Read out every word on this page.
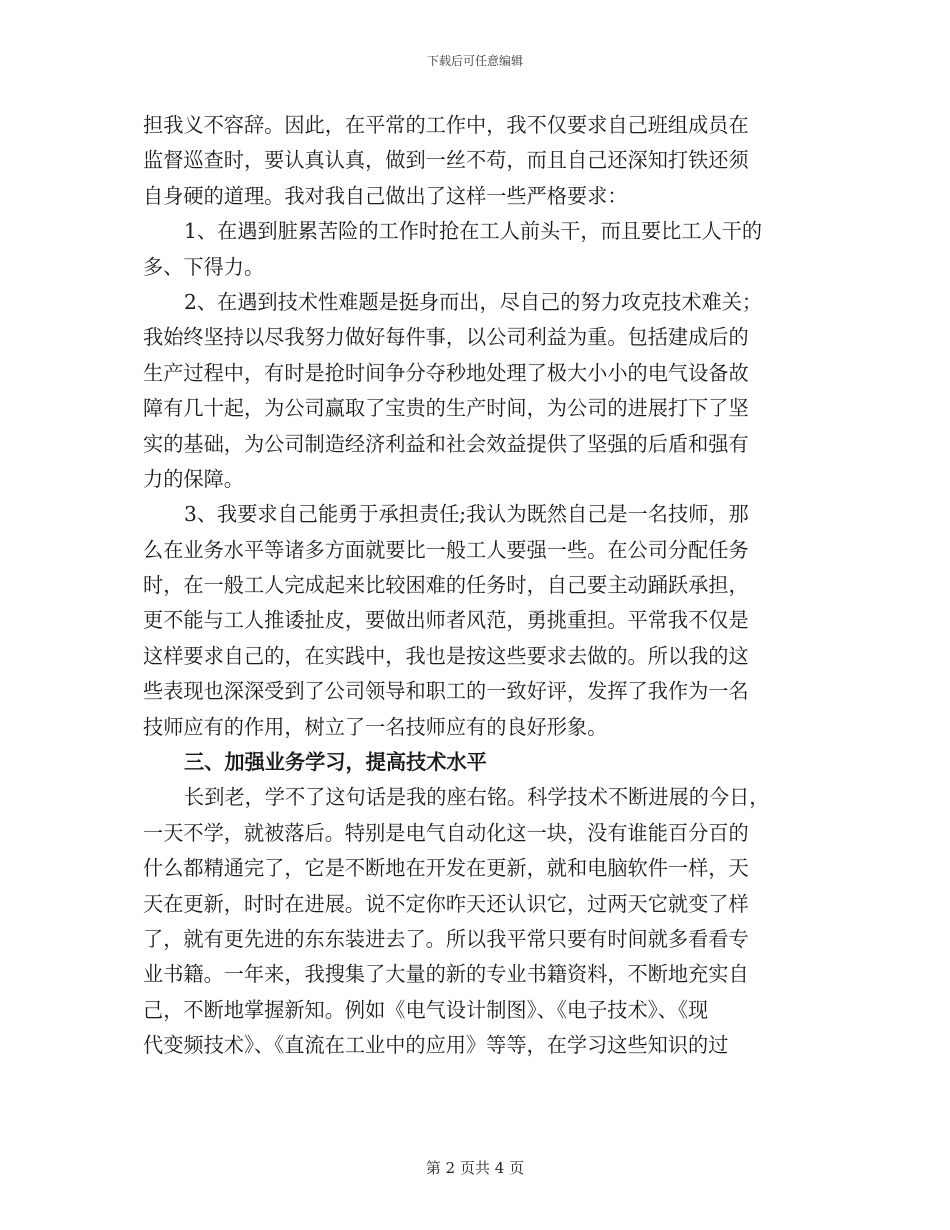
下载后可任意编辑
担我义不容辞。因此，在平常的工作中，我不仅要求自己班组成员在
监督巡查时，要认真认真，做到一丝不苟，而且自己还深知打铁还须
自身硬的道理。我对我自己做出了这样一些严格要求：
1、在遇到脏累苦险的工作时抢在工人前头干，而且要比工人干的
多、下得力。
2、在遇到技术性难题是挺身而出，尽自己的努力攻克技术难关；
我始终坚持以尽我努力做好每件事，以公司利益为重。包括建成后的
生产过程中，有时是抢时间争分夺秒地处理了极大小小的电气设备故
障有几十起，为公司赢取了宝贵的生产时间，为公司的进展打下了坚
实的基础，为公司制造经济利益和社会效益提供了坚强的后盾和强有
力的保障。
3、我要求自己能勇于承担责任;我认为既然自己是一名技师，那
么在业务水平等诸多方面就要比一般工人要强一些。在公司分配任务
时，在一般工人完成起来比较困难的任务时，自己要主动踊跃承担，
更不能与工人推诿扯皮，要做出师者风范，勇挑重担。平常我不仅是
这样要求自己的，在实践中，我也是按这些要求去做的。所以我的这
些表现也深深受到了公司领导和职工的一致好评，发挥了我作为一名
技师应有的作用，树立了一名技师应有的良好形象。
三、加强业务学习，提高技术水平
长到老，学不了这句话是我的座右铭。科学技术不断进展的今日，
一天不学，就被落后。特别是电气自动化这一块，没有谁能百分百的
什么都精通完了，它是不断地在开发在更新，就和电脑软件一样，天
天在更新，时时在进展。说不定你昨天还认识它，过两天它就变了样
了，就有更先进的东东装进去了。所以我平常只要有时间就多看看专
业书籍。一年来，我搜集了大量的新的专业书籍资料，不断地充实自
己，不断地掌握新知。例如《电气设计制图》、《电子技术》、《现
代变频技术》、《直流在工业中的应用》等等，在学习这些知识的过
第 2 页共 4 页
